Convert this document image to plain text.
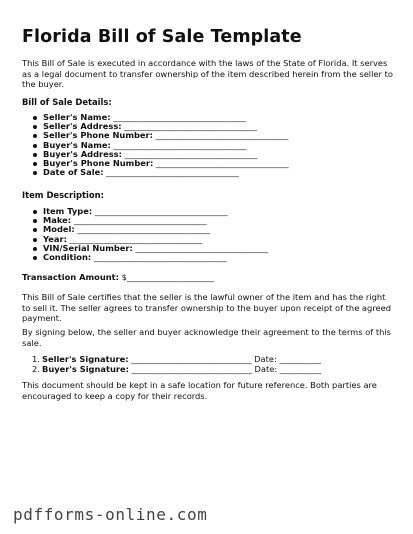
Florida Bill of Sale Template

This Bill of Sale is executed in accordance with the laws of the State of Florida. It serves as a legal document to transfer ownership of the item described herein from the seller to the buyer.

Bill of Sale Details:
Seller's Name: ________________________________
Seller's Address: ________________________________
Seller's Phone Number: ________________________________
Buyer's Name: ________________________________
Buyer's Address: ________________________________
Buyer's Phone Number: ________________________________
Date of Sale: ________________________________
Item Description:
Item Type: ________________________________
Make: ________________________________
Model: ________________________________
Year: ________________________________
VIN/Serial Number: ________________________________
Condition: ________________________________
Transaction Amount: $_____________________

This Bill of Sale certifies that the seller is the lawful owner of the item and has the right to sell it. The seller agrees to transfer ownership to the buyer upon receipt of the agreed payment.

By signing below, the seller and buyer acknowledge their agreement to the terms of this sale.

1. Seller's Signature: _____________________________ Date: __________
2. Buyer's Signature: _____________________________ Date: __________

This document should be kept in a safe location for future reference. Both parties are encouraged to keep a copy for their records.

pdfforms-online.com
